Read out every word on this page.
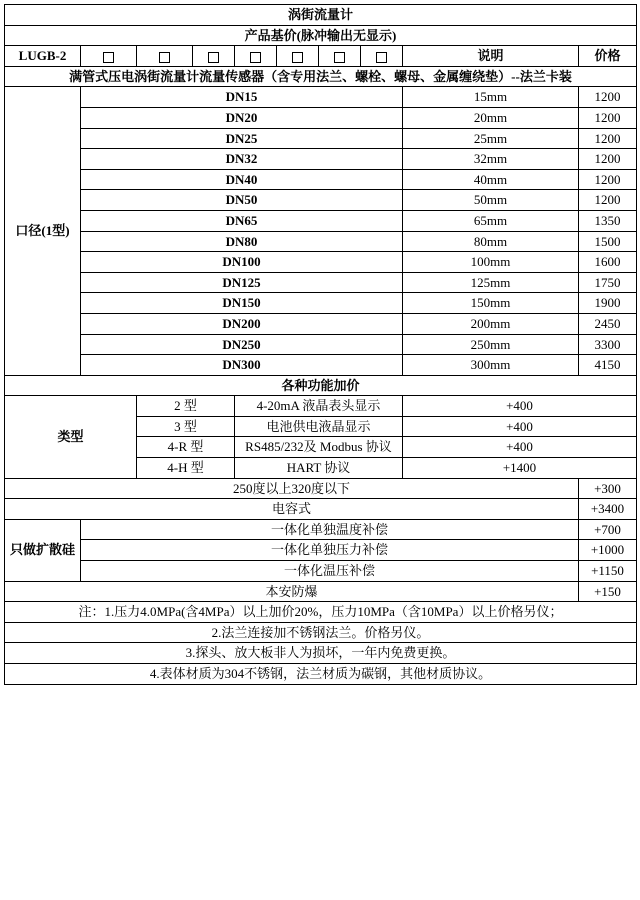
涡街流量计									
产品基价(脉冲输出无显示)									
LUGB-2								说明	价格
满管式压电涡街流量计流量传感器（含专用法兰、螺栓、螺母、金属缠绕垫）--法兰卡装									
口径(1型)	DN15							15mm	1200
	DN20							20mm	1200
	DN25							25mm	1200
	DN32							32mm	1200
	DN40							40mm	1200
	DN50							50mm	1200
	DN65							65mm	1350
	DN80							80mm	1500
	DN100							100mm	1600
	DN125							125mm	1750
	DN150							150mm	1900
	DN200							200mm	2450
	DN250							250mm	3300
	DN300							300mm	4150
各种功能加价									
类型		2 型		4-20mA 液晶表头显示				+400	
		3 型		电池供电液晶显示				+400	
		4-R 型		RS485/232及 Modbus 协议				+400	
		4-H 型		HART 协议				+1400	
250度以上320度以下									+300
电容式									+3400
只做扩散硅	一体化单独温度补偿								+700
	一体化单独压力补偿								+1000
	一体化温压补偿								+1150
本安防爆									+150
注：1.压力4.0MPa(含4MPa）以上加价20%，压力10MPa（含10MPa）以上价格另仪；									
2.法兰连接加不锈钢法兰。价格另仪。									
3.探头、放大板非人为损坏，一年内免费更换。									
4.表体材质为304不锈钢，法兰材质为碳钢，其他材质协议。									
